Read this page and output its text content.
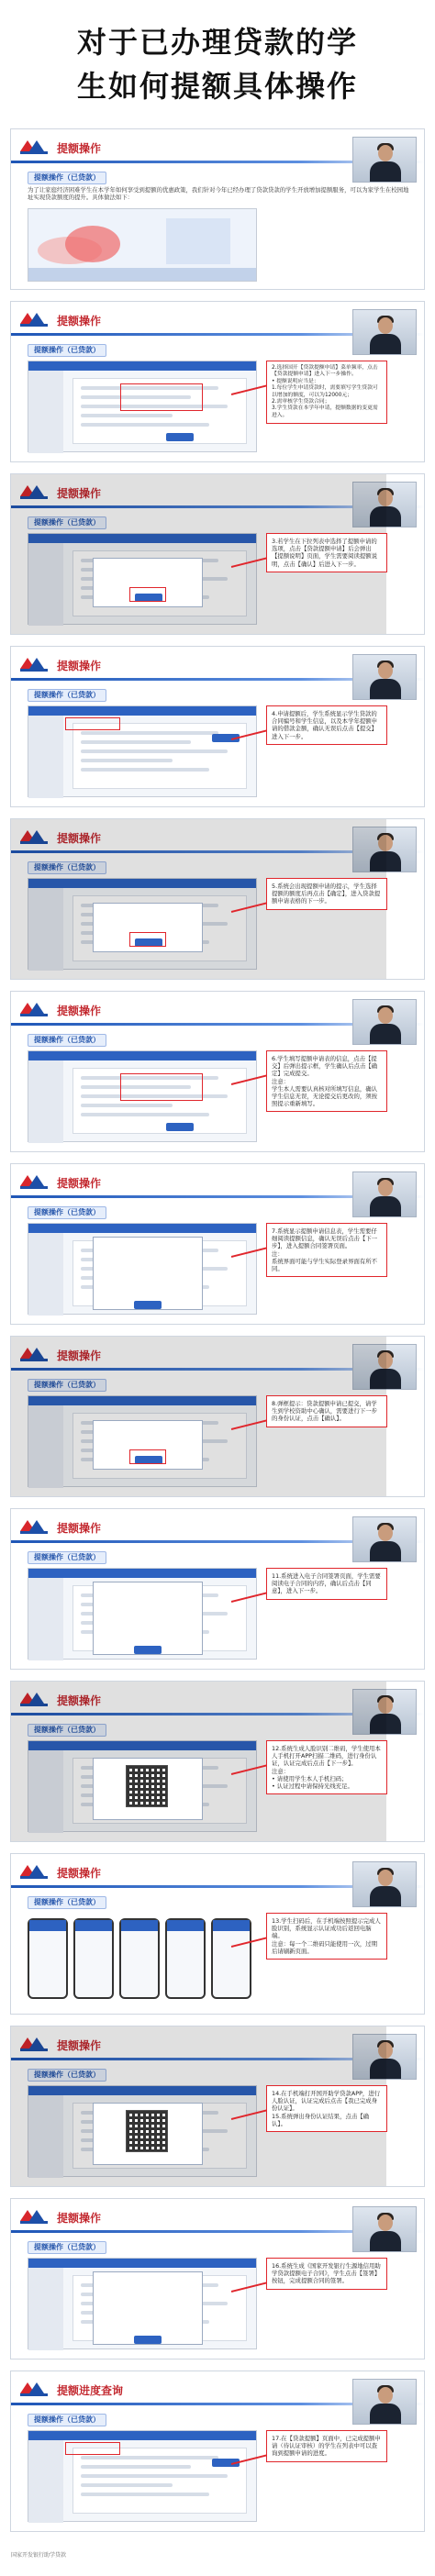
对于已办理贷款的学
生如何提额具体操作
提额操作
提额操作（已贷款）
为了让家庭经济困难学生在本学年如何享受到提额的优惠政策，我们针对今年已经办理了贷款贷款的学生开放增加提额服务，可以为家学生在校园地址实现贷款额度的提升。具体做法如下：
提额操作
提额操作（已贷款）
2.选择国开【贷款提额申请】菜单频率，点击【贷款提额申请】进入下一步操作。
• 提额说明应当是：
1.每位学生申请贷款时，需要填写学生贷款可以增加的额度，可以为12000元；
2.需审核学生贷款合同；
3.学生贷款在本学年申请，提额数据的变更需进入。
提额操作
提额操作（已贷款）
3.若学生在下拉列表中选择了提额申请的选项，点击【贷款提额申请】后会弹出【提额说明】页面，学生需要阅读提额说明，点击【确认】后进入下一步。
提额操作
提额操作（已贷款）
4.申请提额后，学生系统显示学生贷款的合同编号和学生信息，以及本学年提额申请的借款金额，确认无误后点击【提交】进入下一步。
提额操作
提额操作（已贷款）
5.系统会出现提额申请的提示，学生选择提额的额度后再点击【确定】，进入贷款提额申请表格的下一步。
提额操作
提额操作（已贷款）
6.学生填写提额申请表的信息，点击【提交】后弹出提示框，学生确认后点击【确定】完成提交。
注意：
学生本人需要认真核对所填写信息，确认学生信息无误，无论提交后更改的，须按照提示重新填写。
提额操作
提额操作（已贷款）
7.系统显示提额申请信息表，学生需要仔细阅读提额信息，确认无误后点击【下一步】，进入提额合同签署页面。
注：
系统界面可能与学生实际登录界面有所不同。
提额操作
提额操作（已贷款）
8.弹框提示：贷款提额申请已提交，请学生到学校资助中心确认，需要进行下一步的身份认证，点击【确认】。
提额操作
提额操作（已贷款）
11.系统进入电子合同签署页面，学生需要阅读电子合同的内容，确认后点击【同意】，进入下一步。
提额操作
提额操作（已贷款）
12.系统生成人脸识别二维码，学生使用本人手机打开APP扫描二维码，进行身份认证，认证完成后点击【下一步】。
注意：
• 请使用学生本人手机扫码；
• 认证过程中请保持光线充足。
提额操作
提额操作（已贷款）
13.学生扫码后，在手机端按照提示完成人脸识别，系统显示认证成功后返回电脑端。
注意：每一个二维码只能使用一次，过期后请刷新页面。
提额操作
提额操作（已贷款）
14.在手机端打开国开助学贷款APP，进行人脸认证，认证完成后点击【我已完成身份认证】。
15.系统弹出身份认证结果，点击【确认】。
提额操作
提额操作（已贷款）
16.系统生成《国家开发银行生源地信用助学贷款提额电子合同》，学生点击【签署】按钮，完成提额合同的签署。
提额进度查询
提额操作（已贷款）
17.在【贷款提额】页面中，已完成提额申请（待认证审核）的学生在列表中可以查询到提额申请的进度。
国家开发银行助学贷款
